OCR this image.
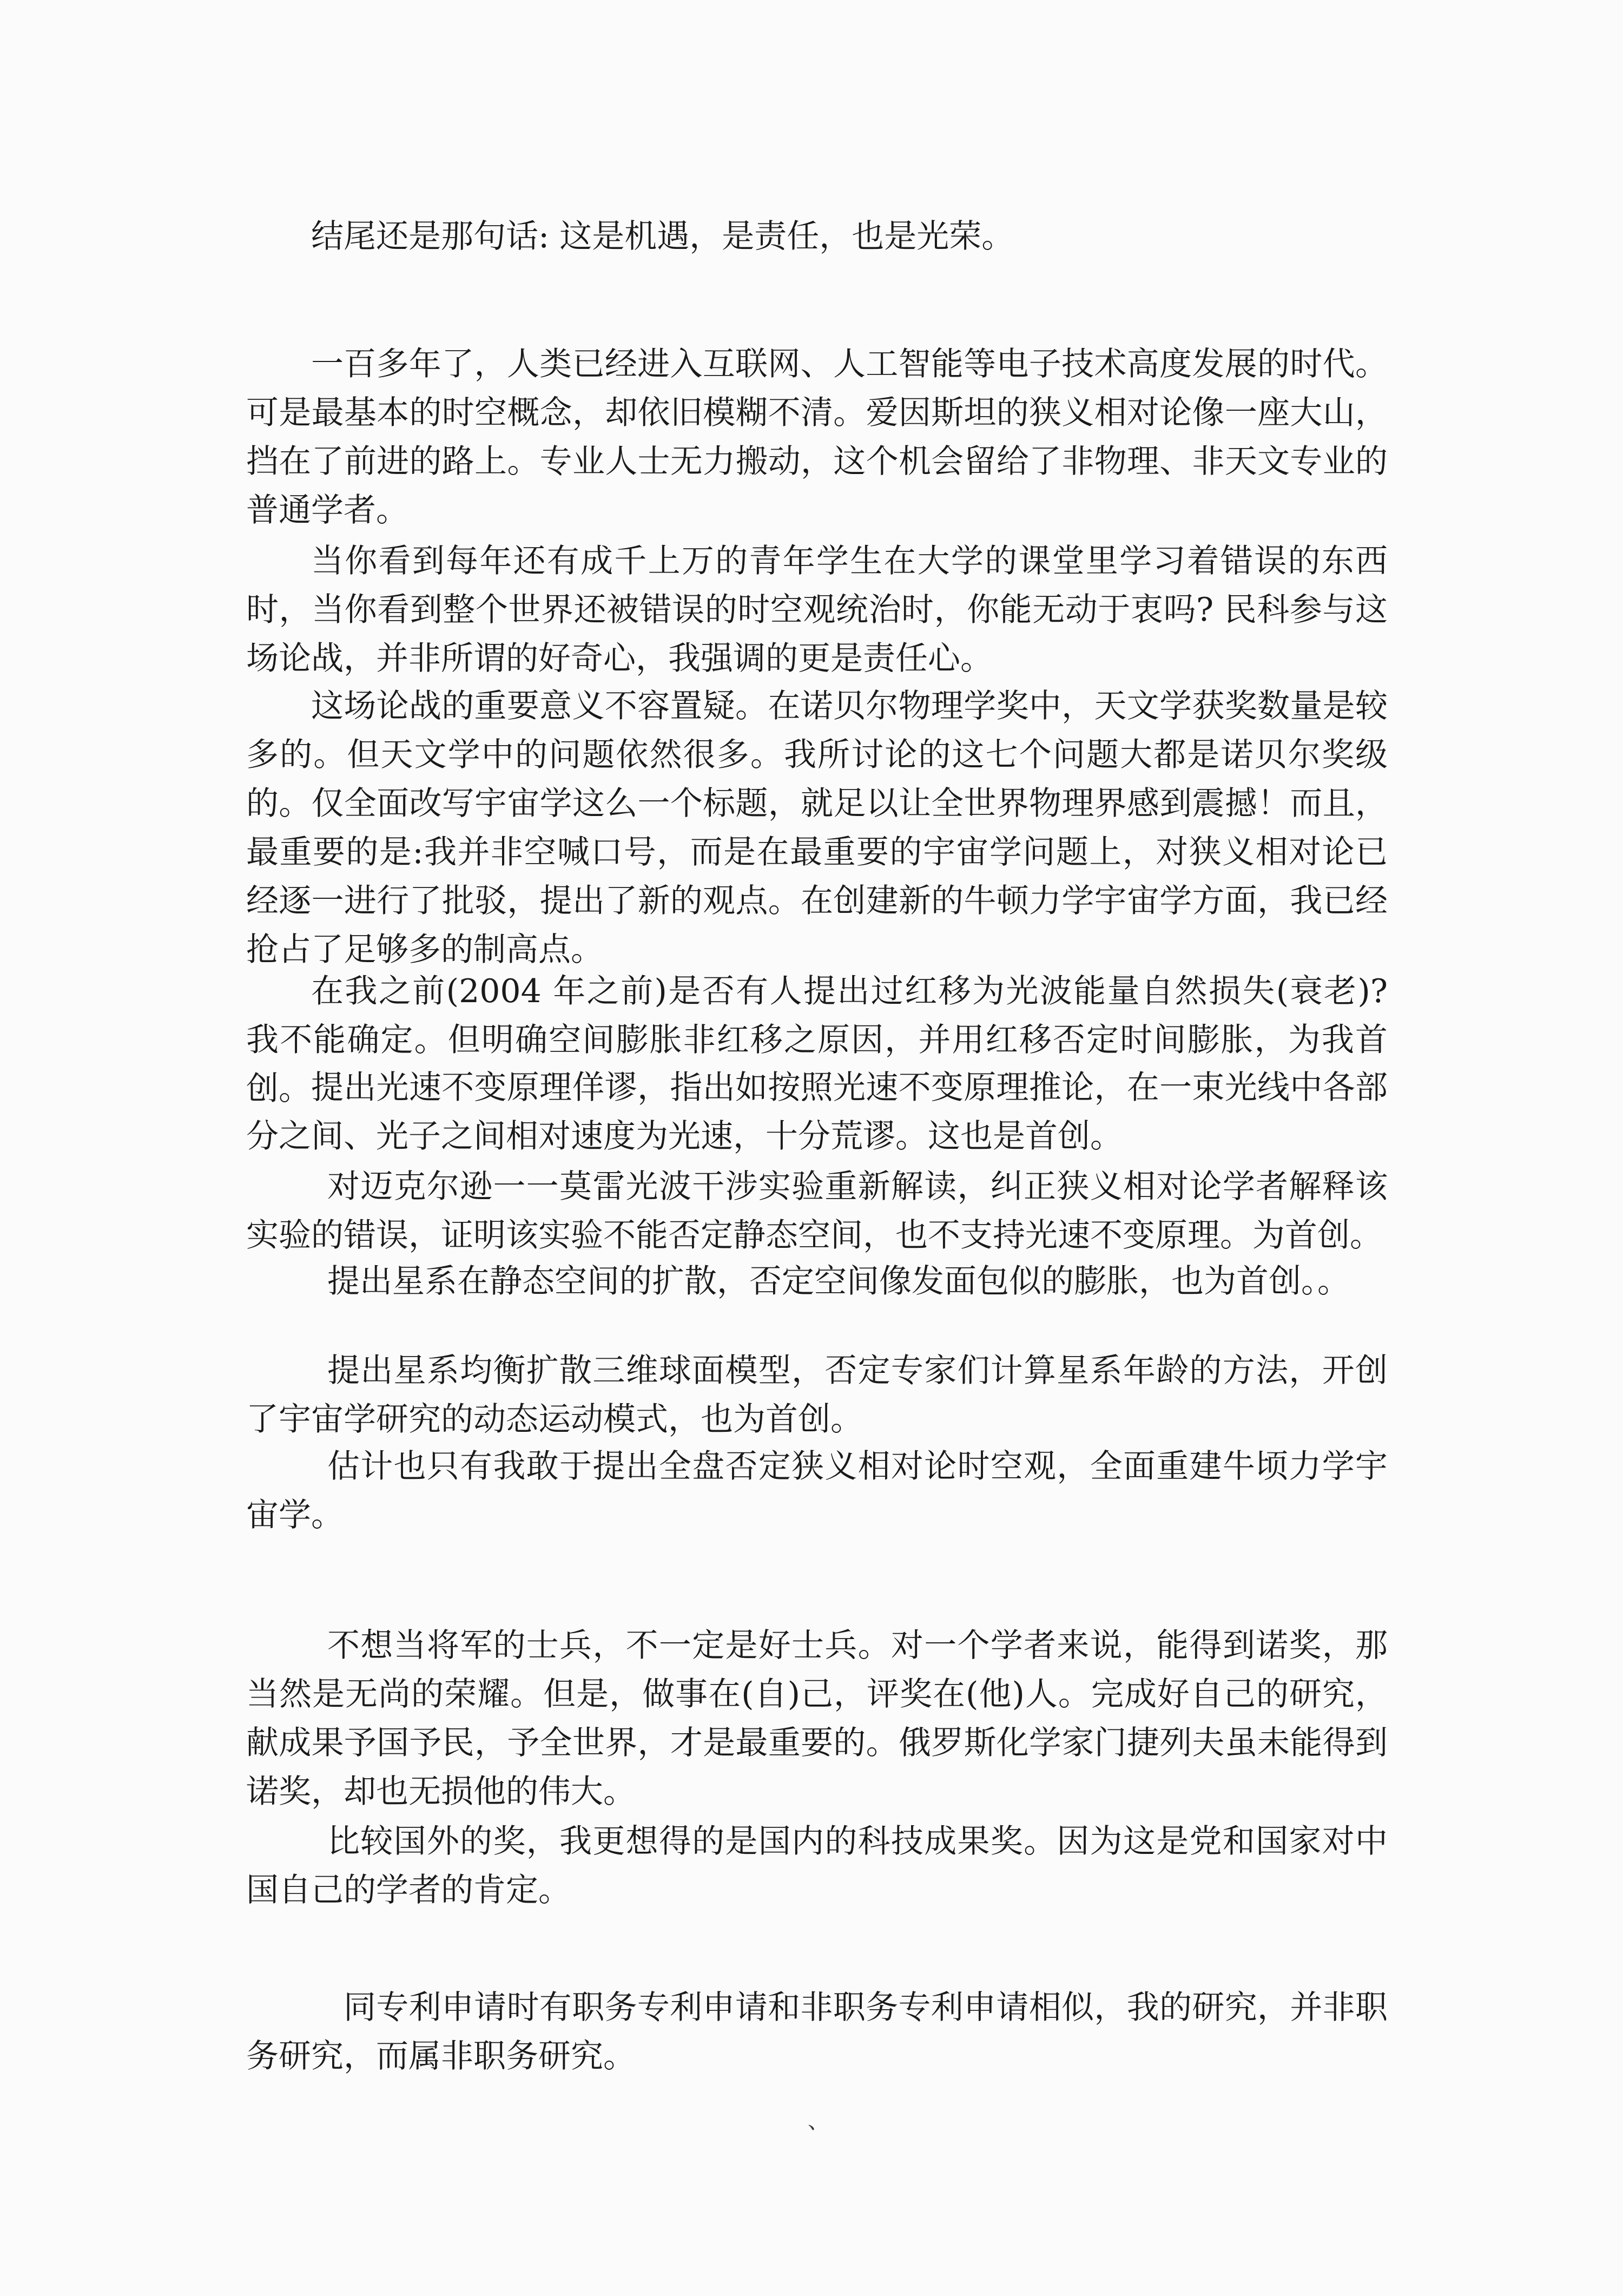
结尾还是那句话: 这是机遇，是责任，也是光荣。

一百多年了，人类已经进入互联网、人工智能等电子技术高度发展的时代。可是最基本的时空概念，却依旧模糊不清。爱因斯坦的狭义相对论像一座大山，挡在了前进的路上。专业人士无力搬动，这个机会留给了非物理、非天文专业的普通学者。

当你看到每年还有成千上万的青年学生在大学的课堂里学习着错误的东西时，当你看到整个世界还被错误的时空观统治时，你能无动于衷吗? 民科参与这场论战，并非所谓的好奇心，我强调的更是责任心。

这场论战的重要意义不容置疑。在诺贝尔物理学奖中，天文学获奖数量是较多的。但天文学中的问题依然很多。我所讨论的这七个问题大都是诺贝尔奖级的。仅全面改写宇宙学这么一个标题，就足以让全世界物理界感到震撼！而且，最重要的是:我并非空喊口号，而是在最重要的宇宙学问题上，对狭义相对论已经逐一进行了批驳，提出了新的观点。在创建新的牛顿力学宇宙学方面，我已经抢占了足够多的制高点。

在我之前(2004 年之前)是否有人提出过红移为光波能量自然损失(衰老)? 我不能确定。但明确空间膨胀非红移之原因，并用红移否定时间膨胀，为我首创。 提出光速不变原理佯谬，指出如按照光速不变原理推论，在一束光线中各部分之间、光子之间相对速度为光速，十分荒谬。这也是首创。

对迈克尔逊一一莫雷光波干涉实验重新解读，纠正狭义相对论学者解释该实验的错误，证明该实验不能否定静态空间，也不支持光速不变原理。为首创。

提出星系在静态空间的扩散，否定空间像发面包似的膨胀，也为首创。。

提出星系均衡扩散三维球面模型，否定专家们计算星系年龄的方法，开创了宇宙学研究的动态运动模式，也为首创。

估计也只有我敢于提出全盘否定狭义相对论时空观，全面重建牛顷力学宇宙学。

不想当将军的士兵，不一定是好士兵。对一个学者来说，能得到诺奖，那当然是无尚的荣耀。但是，做事在(自)己，评奖在(他)人。完成好自己的研究，献成果予国予民，予全世界，才是最重要的。俄罗斯化学家门捷列夫虽未能得到诺奖，却也无损他的伟大。

比较国外的奖，我更想得的是国内的科技成果奖。因为这是党和国家对中国自己的学者的肯定。

同专利申请时有职务专利申请和非职务专利申请相似，我的研究，并非职务研究，而属非职务研究。

、
